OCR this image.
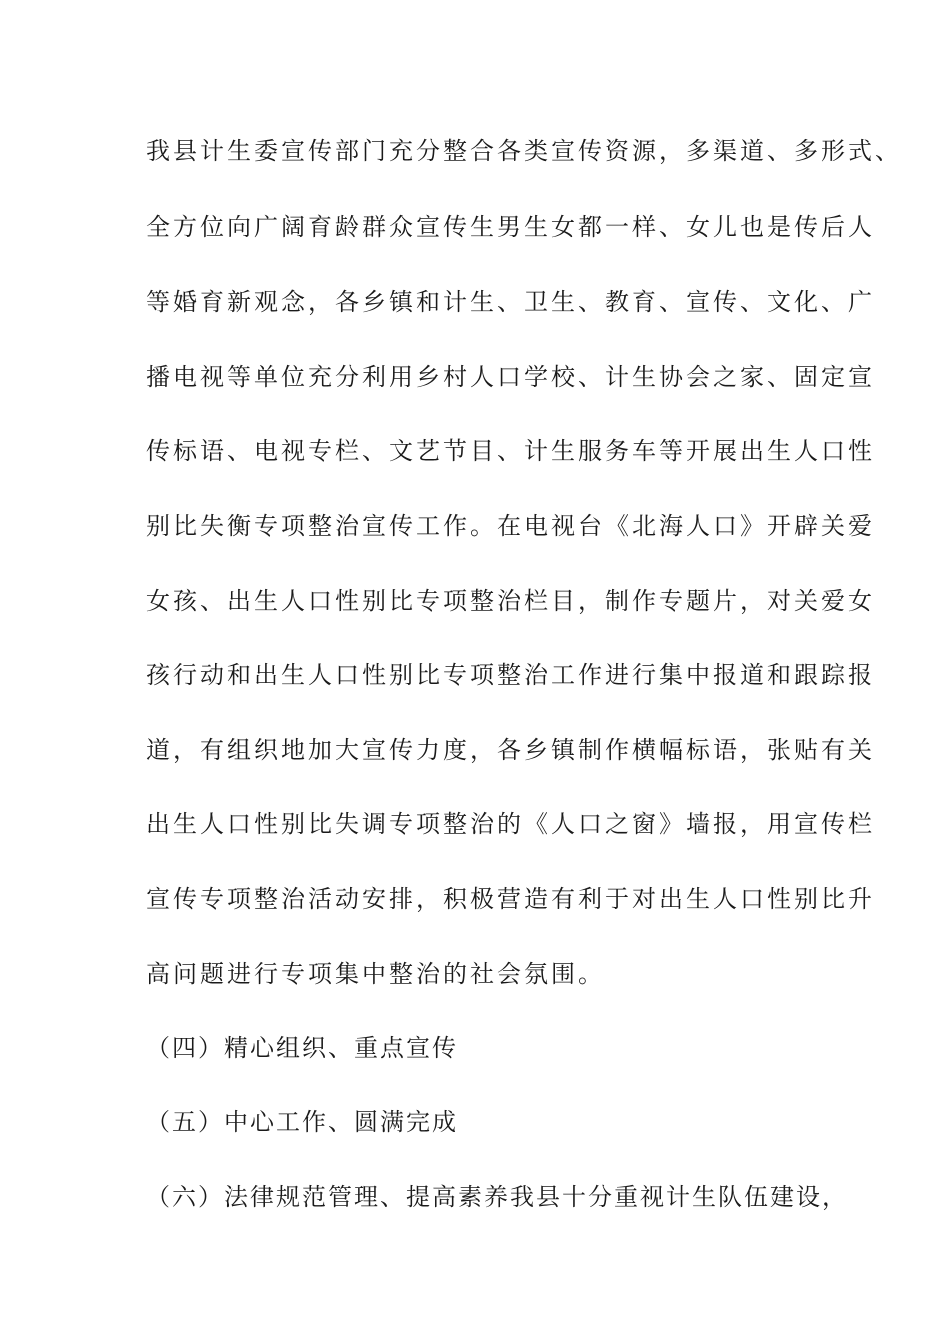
我县计生委宣传部门充分整合各类宣传资源，多渠道、多形式、
全方位向广阔育龄群众宣传生男生女都一样、女儿也是传后人
等婚育新观念，各乡镇和计生、卫生、教育、宣传、文化、广
播电视等单位充分利用乡村人口学校、计生协会之家、固定宣
传标语、电视专栏、文艺节目、计生服务车等开展出生人口性
别比失衡专项整治宣传工作。在电视台《北海人口》开辟关爱
女孩、出生人口性别比专项整治栏目，制作专题片，对关爱女
孩行动和出生人口性别比专项整治工作进行集中报道和跟踪报
道，有组织地加大宣传力度，各乡镇制作横幅标语，张贴有关
出生人口性别比失调专项整治的《人口之窗》墙报，用宣传栏
宣传专项整治活动安排，积极营造有利于对出生人口性别比升
高问题进行专项集中整治的社会氛围。
（四）精心组织、重点宣传
（五）中心工作、圆满完成
（六）法律规范管理、提高素养我县十分重视计生队伍建设，
